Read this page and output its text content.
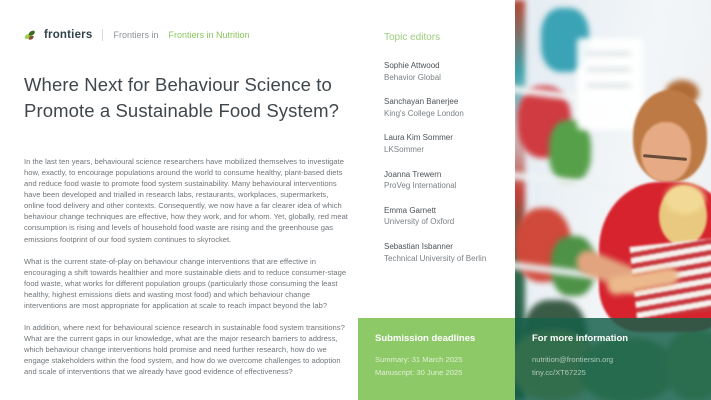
frontiers Frontiers in Frontiers in Nutrition
Where Next for Behaviour Science to Promote a Sustainable Food System?

In the last ten years, behavioural science researchers have mobilized themselves to investigate how, exactly, to encourage populations around the world to consume healthy, plant-based diets and reduce food waste to promote food system sustainability. Many behavioural interventions have been developed and trialled in research labs, restaurants, workplaces, supermarkets, online food delivery and other contexts. Consequently, we now have a far clearer idea of which behaviour change techniques are effective, how they work, and for whom. Yet, globally, red meat consumption is rising and levels of household food waste are rising and the greenhouse gas emissions footprint of our food system continues to skyrocket.

What is the current state-of-play on behaviour change interventions that are effective in encouraging a shift towards healthier and more sustainable diets and to reduce consumer-stage food waste, what works for different population groups (particularly those consuming the least healthy, highest emissions diets and wasting most food) and which behaviour change interventions are most appropriate for application at scale to reach impact beyond the lab?

In addition, where next for behavioural science research in sustainable food system transitions? What are the current gaps in our knowledge, what are the major research barriers to address, which behaviour change interventions hold promise and need further research, how do we engage stakeholders within the food system, and how do we overcome challenges to adoption and scale of interventions that we already have good evidence of effectiveness?

Topic editors
Sophie Attwood
Behavior Global
Sanchayan Banerjee
King's College London
Laura Kim Sommer
LKSommer
Joanna Trewern
ProVeg International
Emma Garnett
University of Oxford
Sebastian Isbanner
Technical University of Berlin
Submission deadlines
Summary: 31 March 2025
Manuscript: 30 June 2025
For more information
nutrition@frontiersin.org
tiny.cc/XT67225
